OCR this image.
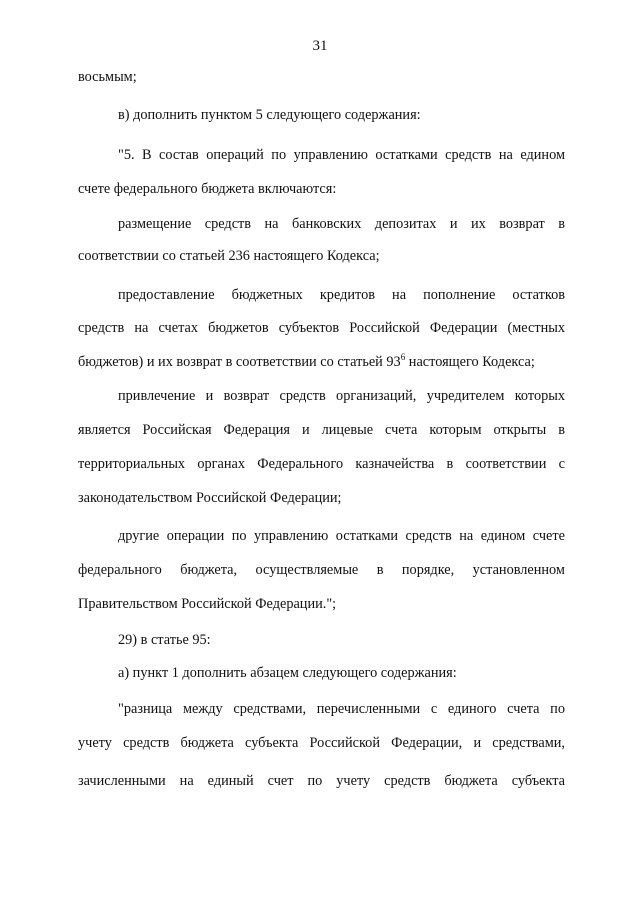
31
восьмым;
в) дополнить пунктом 5 следующего содержания:
"5. В состав операций по управлению остатками средств на едином
счете федерального бюджета включаются:
размещение средств на банковских депозитах и их возврат в
соответствии со статьей 236 настоящего Кодекса;
предоставление бюджетных кредитов на пополнение остатков
средств на счетах бюджетов субъектов Российской Федерации (местных
бюджетов) и их возврат в соответствии со статьей $93^6$ настоящего Кодекса;
привлечение и возврат средств организаций, учредителем которых
является Российская Федерация и лицевые счета которым открыты в
территориальных органах Федерального казначейства в соответствии с
законодательством Российской Федерации;
другие операции по управлению остатками средств на едином счете
федерального бюджета, осуществляемые в порядке, установленном
Правительством Российской Федерации.";
29) в статье 95:
а) пункт 1 дополнить абзацем следующего содержания:
"разница между средствами, перечисленными с единого счета по
учету средств бюджета субъекта Российской Федерации, и средствами,
зачисленными на единый счет по учету средств бюджета субъекта
